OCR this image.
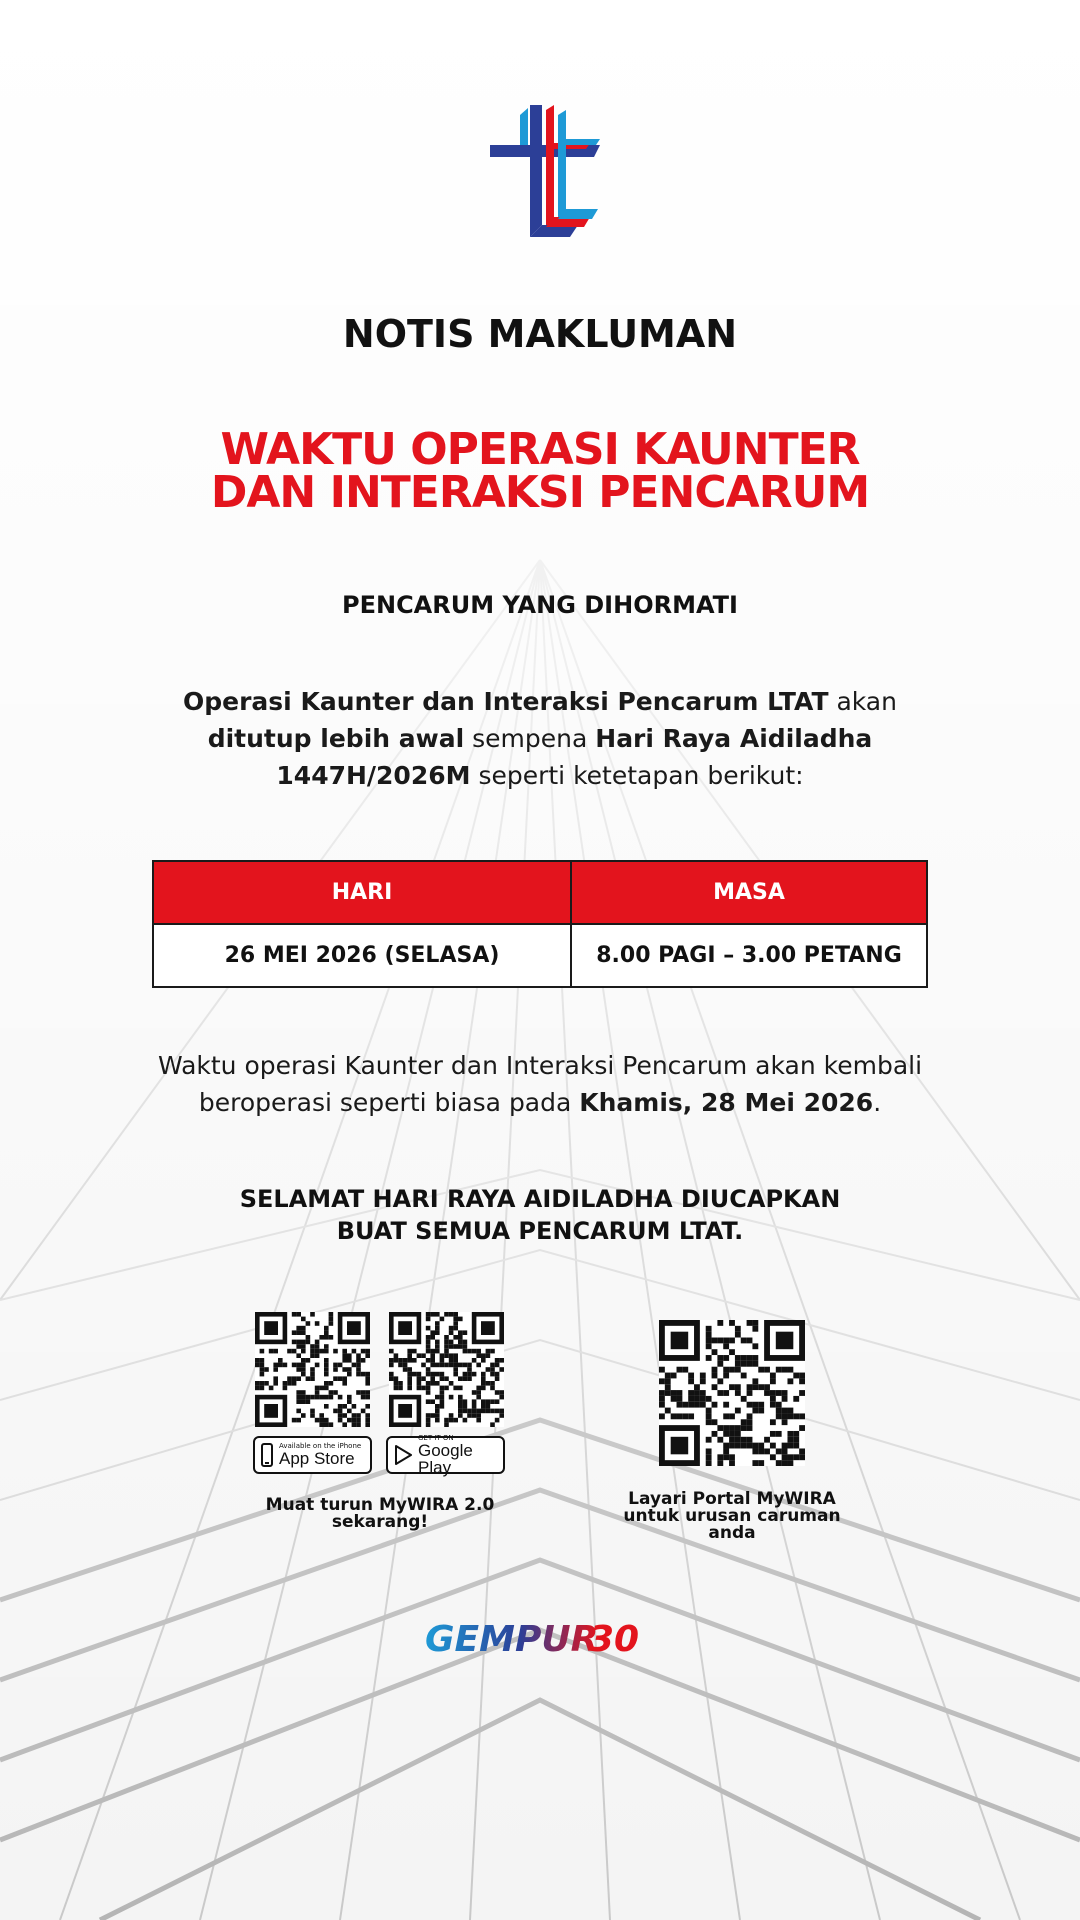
NOTIS MAKLUMAN
WAKTU OPERASI KAUNTER
DAN INTERAKSI PENCARUM
PENCARUM YANG DIHORMATI
Operasi Kaunter dan Interaksi Pencarum LTAT akan ditutup lebih awal sempena Hari Raya Aidiladha 1447H/2026M seperti ketetapan berikut:
HARI	MASA
26 MEI 2026 (SELASA)	8.00 PAGI – 3.00 PETANG
Waktu operasi Kaunter dan Interaksi Pencarum akan kembali beroperasi seperti biasa pada Khamis, 28 Mei 2026.
SELAMAT HARI RAYA AIDILADHA DIUCAPKAN
BUAT SEMUA PENCARUM LTAT.
Available on the iPhone
App Store
GET IT ON
Google Play
Muat turun MyWIRA 2.0
sekarang!
Layari Portal MyWIRA
untuk urusan caruman
anda
GEMPUR
30
